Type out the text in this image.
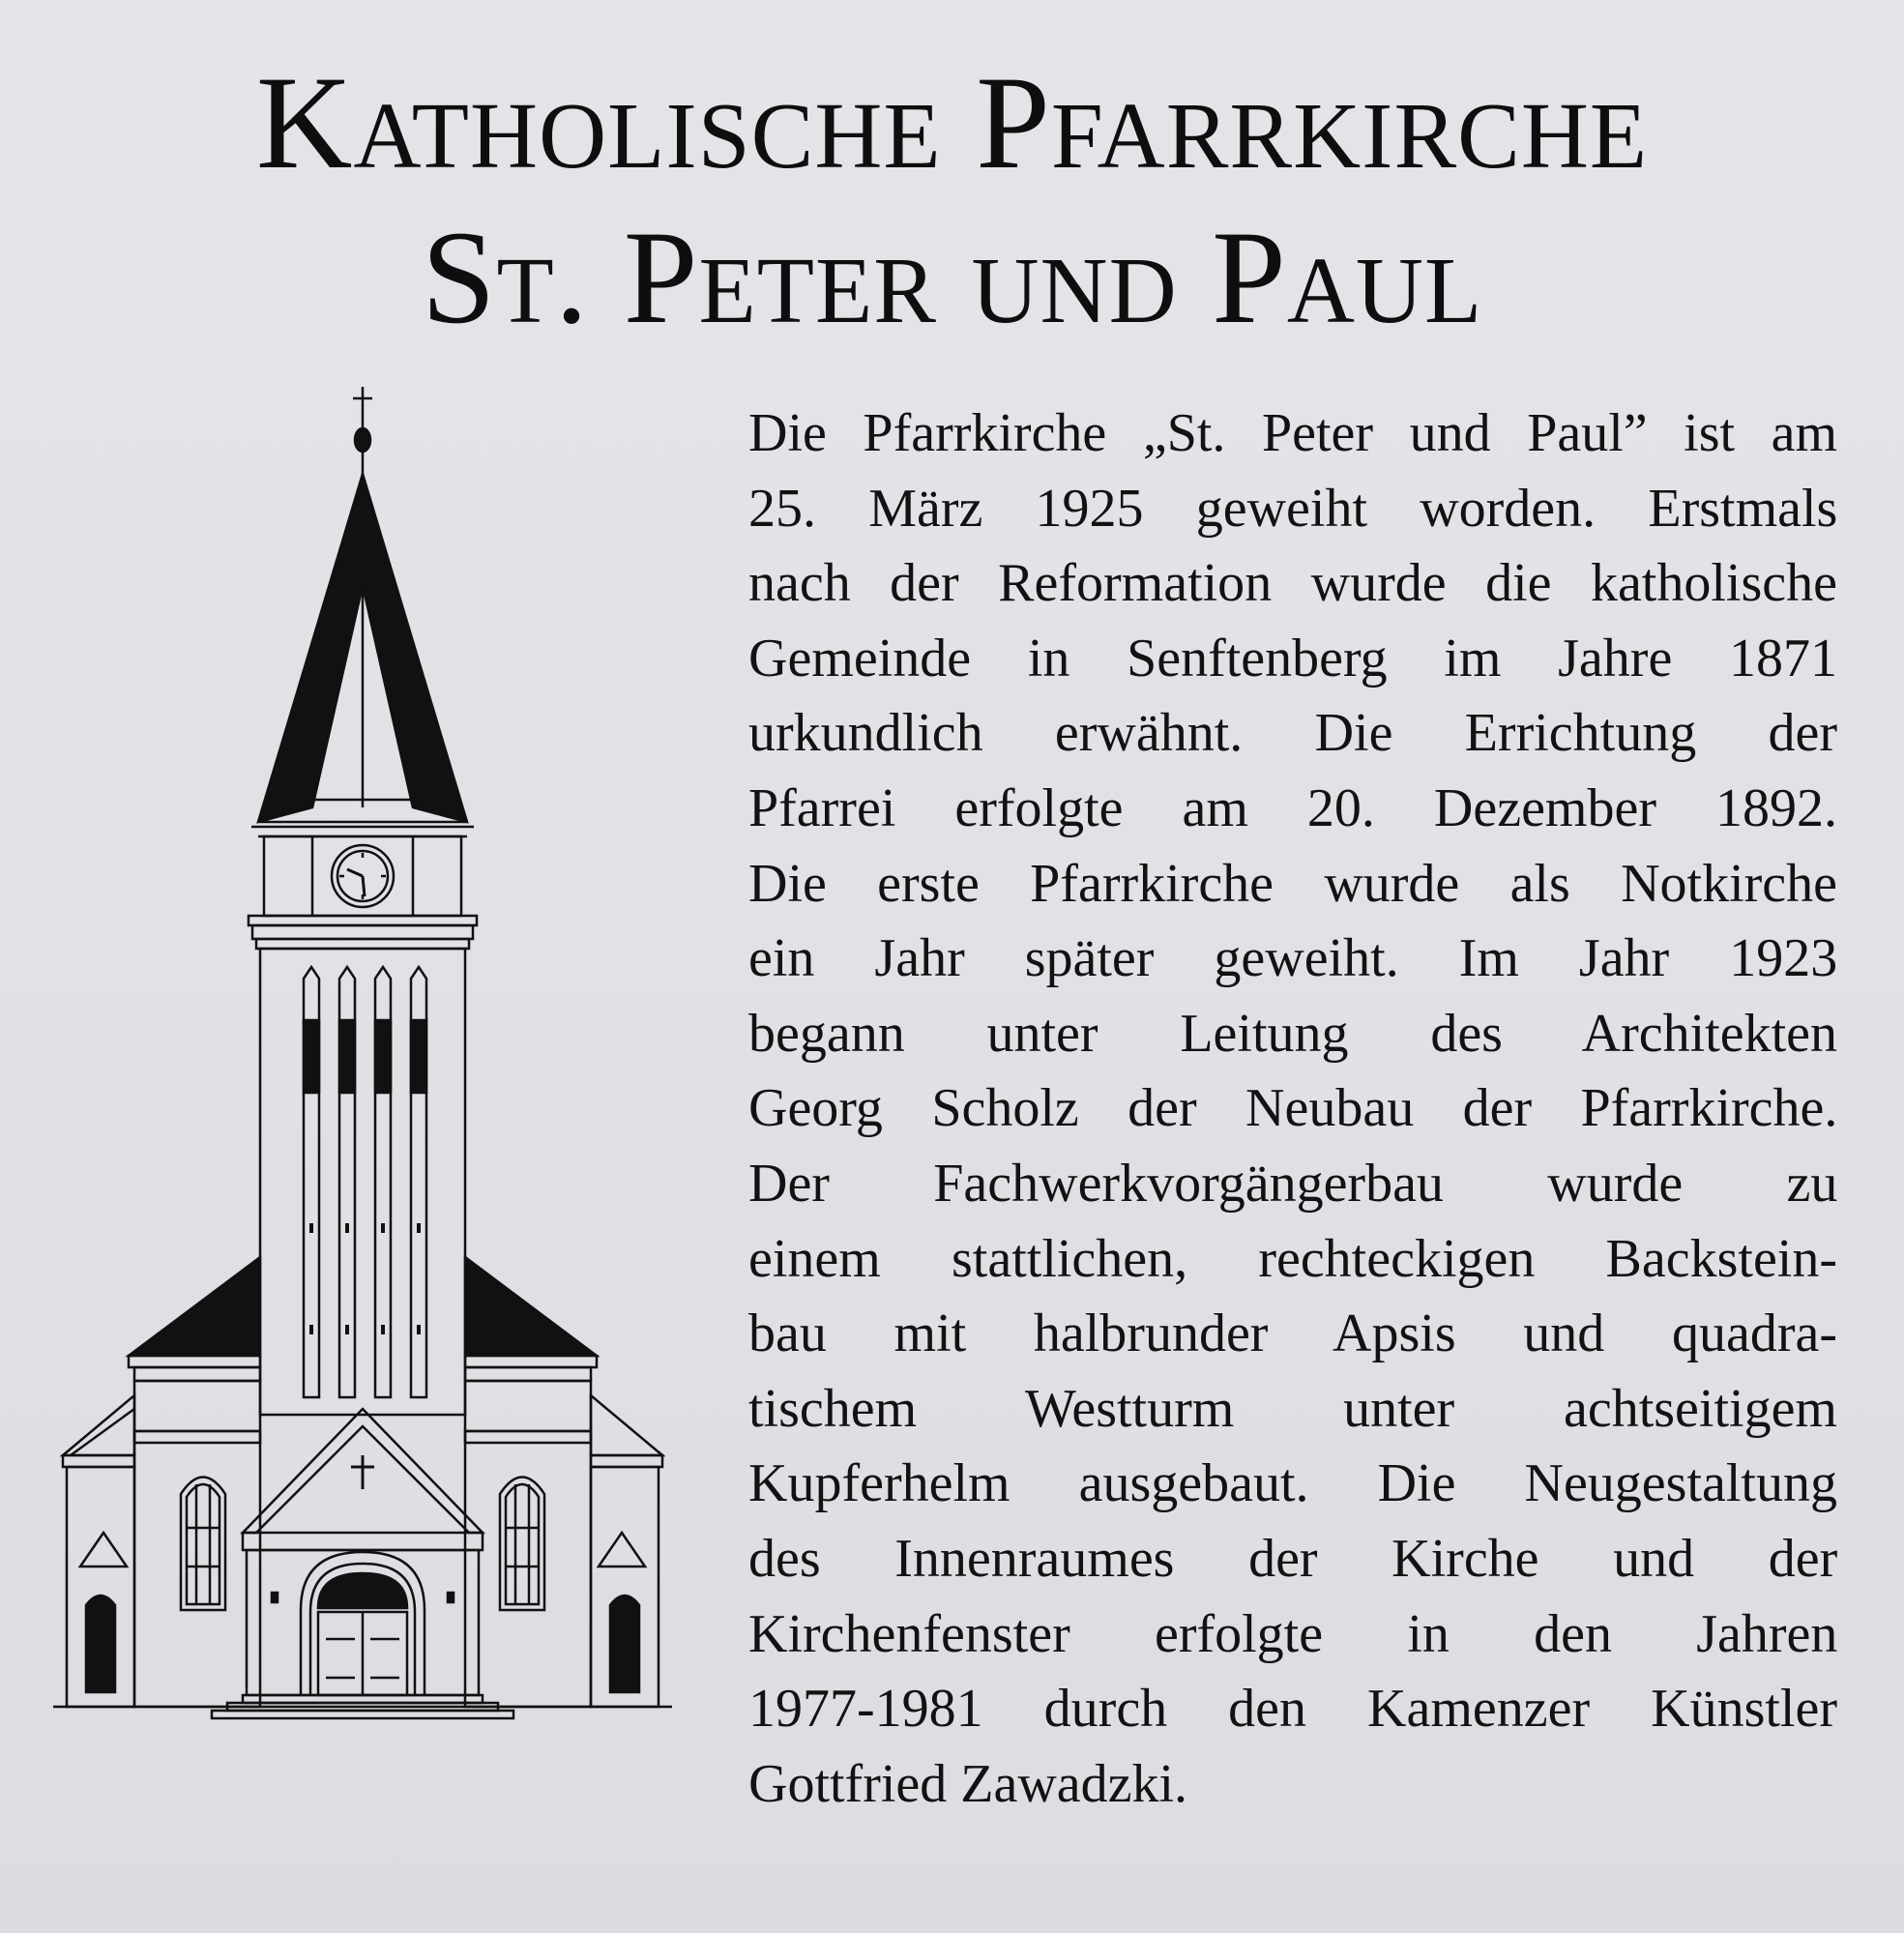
Katholische Pfarrkirche
St. Peter und Paul
Die Pfarrkirche „St. Peter und Paul” ist am
25. März 1925 geweiht worden. Erstmals
nach der Reformation wurde die katholische
Gemeinde in Senftenberg im Jahre 1871
urkundlich erwähnt. Die Errichtung der
Pfarrei erfolgte am 20. Dezember 1892.
Die erste Pfarrkirche wurde als Notkirche
ein Jahr später geweiht. Im Jahr 1923
begann unter Leitung des Architekten
Georg Scholz der Neubau der Pfarrkirche.
Der Fachwerkvorgängerbau wurde zu
einem stattlichen, rechteckigen Backstein-
bau mit halbrunder Apsis und quadra-
tischem Westturm unter achtseitigem
Kupferhelm ausgebaut. Die Neugestaltung
des Innenraumes der Kirche und der
Kirchenfenster erfolgte in den Jahren
1977-1981 durch den Kamenzer Künstler
Gottfried Zawadzki.
